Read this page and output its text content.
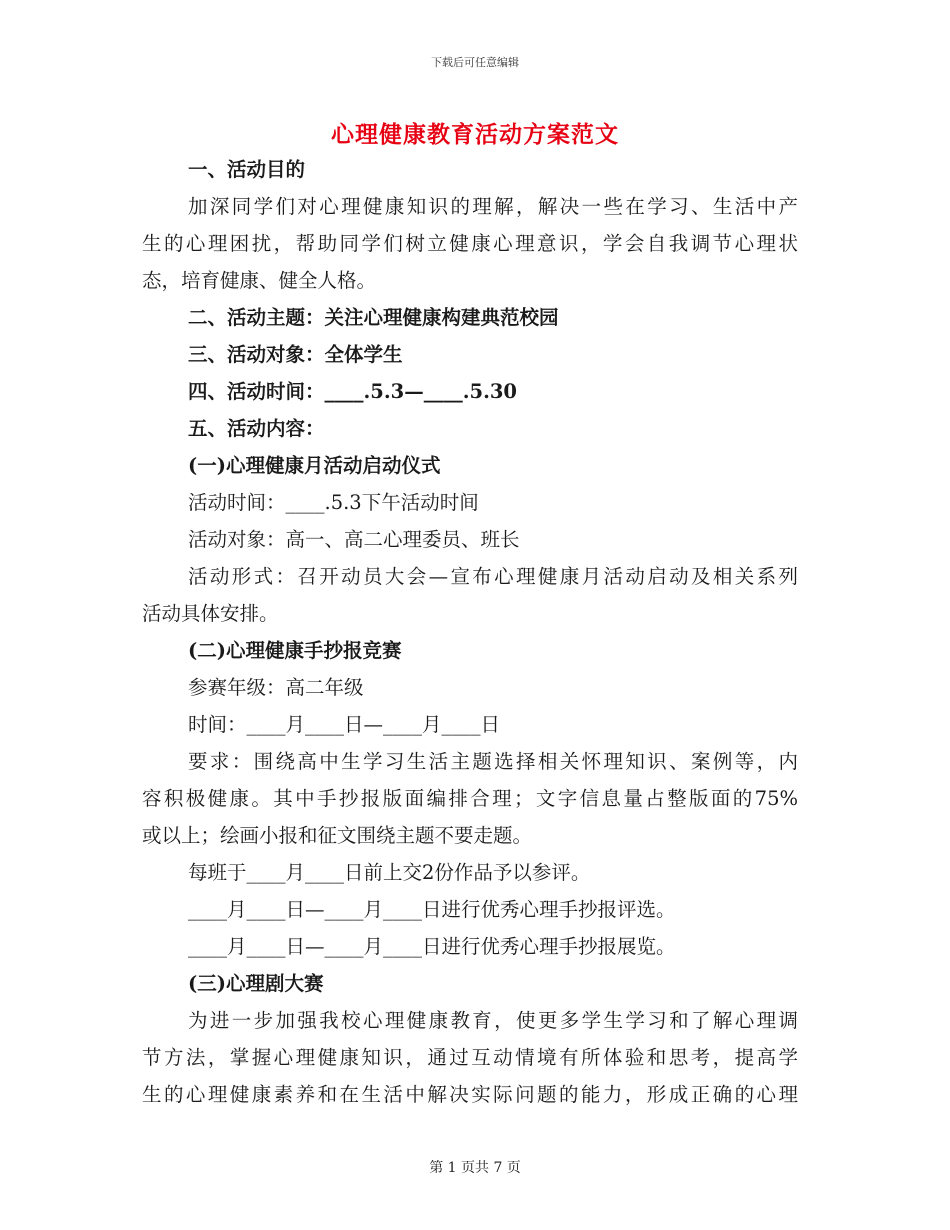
下载后可任意编辑
心理健康教育活动方案范文
一、活动目的
加深同学们对心理健康知识的理解，解决一些在学习、生活中产
生的心理困扰，帮助同学们树立健康心理意识，学会自我调节心理状
态，培育健康、健全人格。
二、活动主题：关注心理健康构建典范校园
三、活动对象：全体学生
四、活动时间：____.5.3—____.5.30
五、活动内容：
(一)心理健康月活动启动仪式
活动时间：____.5.3下午活动时间
活动对象：高一、高二心理委员、班长
活动形式：召开动员大会—宣布心理健康月活动启动及相关系列
活动具体安排。
(二)心理健康手抄报竞赛
参赛年级：高二年级
时间：____月____日—____月____日
要求：围绕高中生学习生活主题选择相关怀理知识、案例等，内
容积极健康。其中手抄报版面编排合理；文字信息量占整版面的75%
或以上；绘画小报和征文围绕主题不要走题。
每班于____月____日前上交2份作品予以参评。
____月____日—____月____日进行优秀心理手抄报评选。
____月____日—____月____日进行优秀心理手抄报展览。
(三)心理剧大赛
为进一步加强我校心理健康教育，使更多学生学习和了解心理调
节方法，掌握心理健康知识，通过互动情境有所体验和思考，提高学
生的心理健康素养和在生活中解决实际问题的能力，形成正确的心理
第 1 页共 7 页
